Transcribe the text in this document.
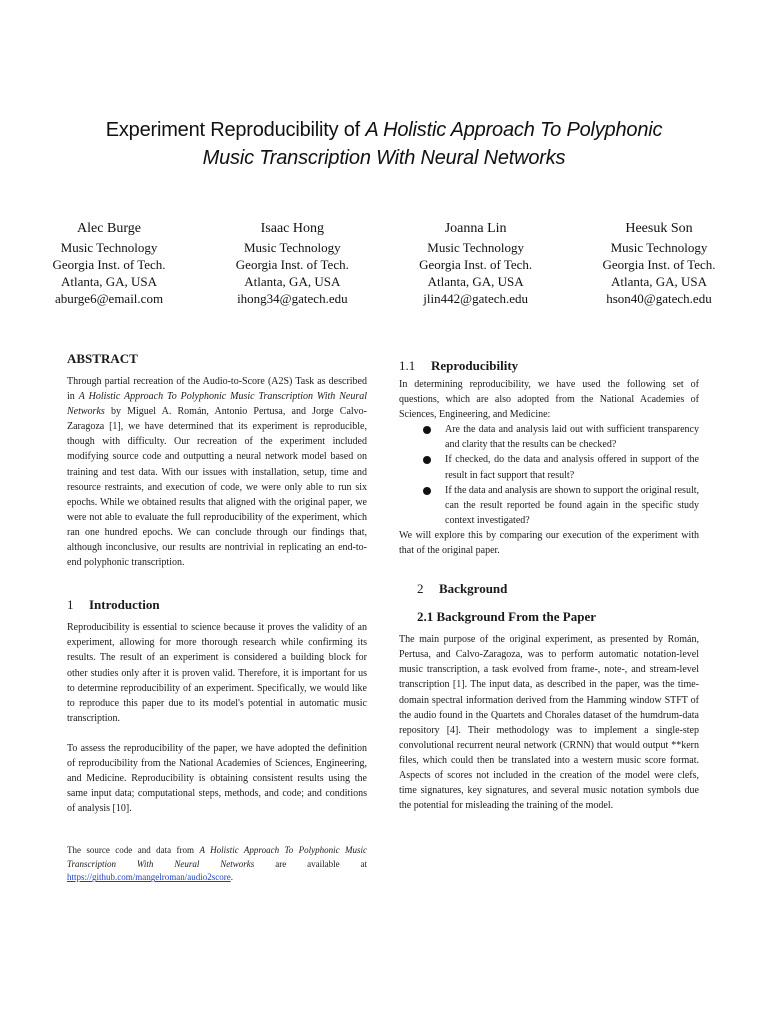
Experiment Reproducibility of A Holistic Approach To Polyphonic
Music Transcription With Neural Networks
Alec Burge
Music Technology
Georgia Inst. of Tech.
Atlanta, GA, USA
aburge6@email.com
Isaac Hong
Music Technology
Georgia Inst. of Tech.
Atlanta, GA, USA
ihong34@gatech.edu
Joanna Lin
Music Technology
Georgia Inst. of Tech.
Atlanta, GA, USA
jlin442@gatech.edu
Heesuk Son
Music Technology
Georgia Inst. of Tech.
Atlanta, GA, USA
hson40@gatech.edu
ABSTRACT

Through partial recreation of the Audio-to-Score (A2S) Task as described in A Holistic Approach To Polyphonic Music Transcription With Neural Networks by Miguel A. Román, Antonio Pertusa, and Jorge Calvo-Zaragoza [1], we have determined that its experiment is reproducible, though with difficulty. Our recreation of the experiment included modifying source code and outputting a neural network model based on training and test data. With our issues with installation, setup, time and resource restraints, and execution of code, we were only able to run six epochs. While we obtained results that aligned with the original paper, we were not able to evaluate the full reproducibility of the experiment, which ran one hundred epochs. We can conclude through our findings that, although inconclusive, our results are nontrivial in replicating an end-to-end polyphonic transcription.

1 Introduction

Reproducibility is essential to science because it proves the validity of an experiment, allowing for more thorough research while confirming its results. The result of an experiment is considered a building block for other studies only after it is proven valid. Therefore, it is important for us to determine reproducibility of an experiment. Specifically, we would like to reproduce this paper due to its model's potential in automatic music transcription.

To assess the reproducibility of the paper, we have adopted the definition of reproducibility from the National Academies of Sciences, Engineering, and Medicine. Reproducibility is obtaining consistent results using the same input data; computational steps, methods, and code; and conditions of analysis [10].

The source code and data from A Holistic Approach To Polyphonic Music Transcription With Neural Networks are available at https://github.com/mangelroman/audio2score.

1.1 Reproducibility

In determining reproducibility, we have used the following set of questions, which are also adopted from the National Academies of Sciences, Engineering, and Medicine:

Are the data and analysis laid out with sufficient transparency and clarity that the results can be checked?
If checked, do the data and analysis offered in support of the result in fact support that result?
If the data and analysis are shown to support the original result, can the result reported be found again in the specific study context investigated?

We will explore this by comparing our execution of the experiment with that of the original paper.

2 Background
2.1 Background From the Paper

The main purpose of the original experiment, as presented by Román, Pertusa, and Calvo-Zaragoza, was to perform automatic notation-level music transcription, a task evolved from frame-, note-, and stream-level transcription [1]. The input data, as described in the paper, was the time-domain spectral information derived from the Hamming window STFT of the audio found in the Quartets and Chorales dataset of the humdrum-data repository [4]. Their methodology was to implement a single-step convolutional recurrent neural network (CRNN) that would output **kern files, which could then be translated into a western music score format. Aspects of scores not included in the creation of the model were clefs, time signatures, key signatures, and several music notation symbols due the potential for misleading the training of the model.
